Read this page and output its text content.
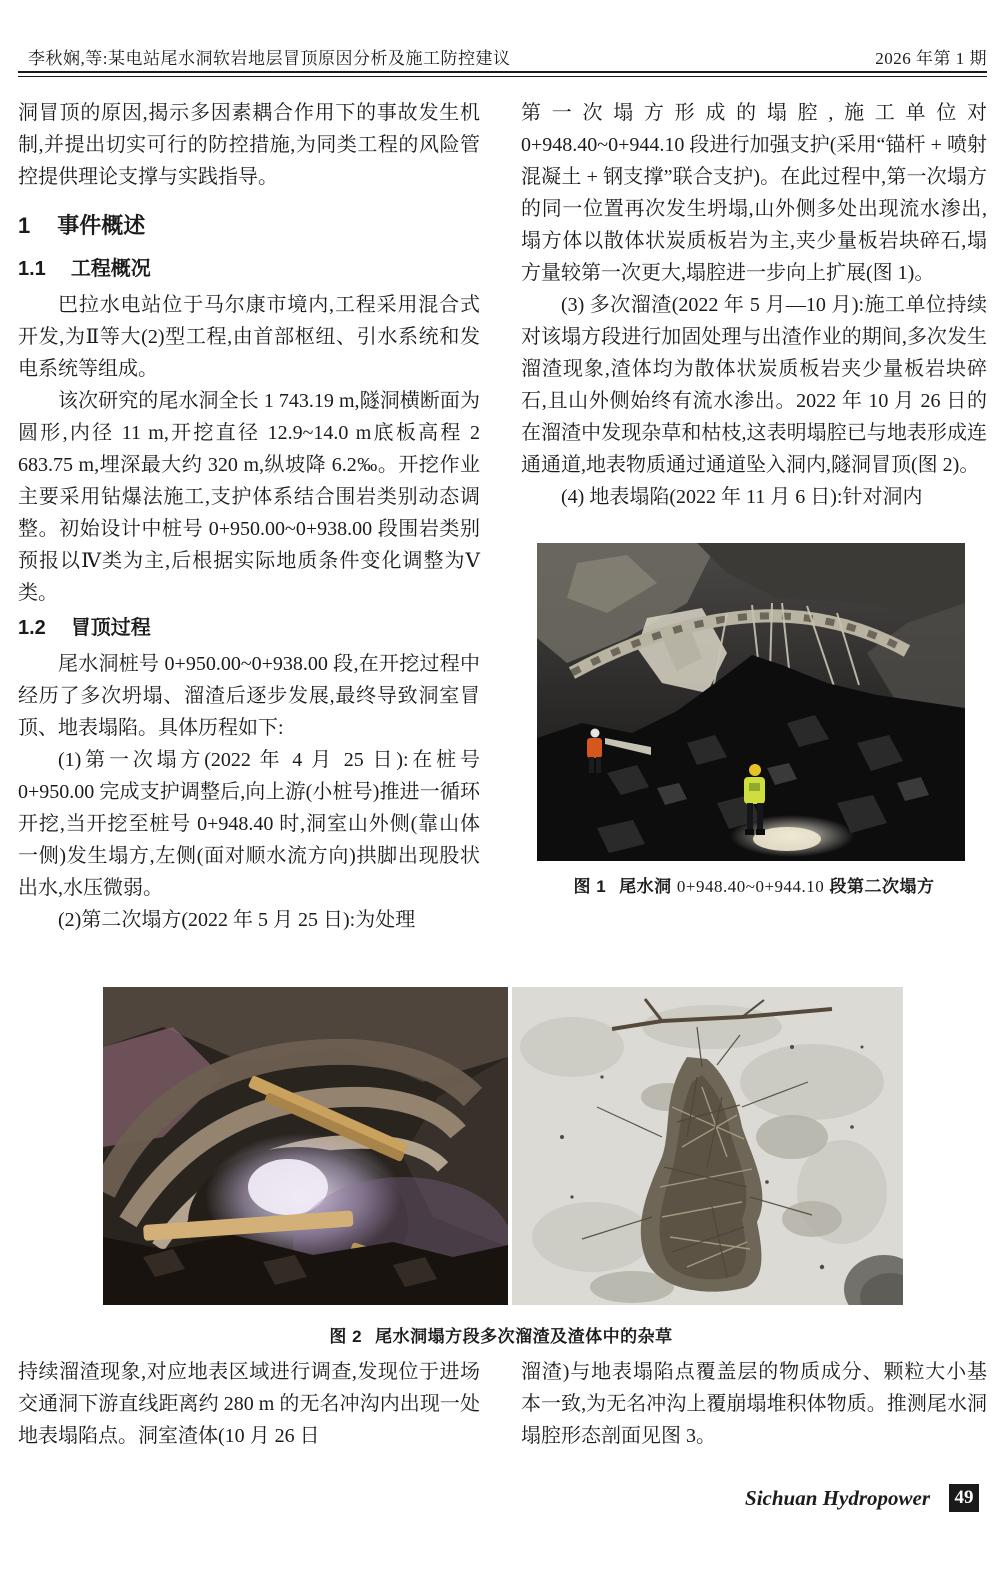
李秋娴,等:某电站尾水洞软岩地层冒顶原因分析及施工防控建议	2026 年第 1 期

洞冒顶的原因,揭示多因素耦合作用下的事故发生机制,并提出切实可行的防控措施,为同类工程的风险管控提供理论支撑与实践指导。

1 事件概述
1.1 工程概况

巴拉水电站位于马尔康市境内,工程采用混合式开发,为Ⅱ等大(2)型工程,由首部枢纽、引水系统和发电系统等组成。

该次研究的尾水洞全长 1 743.19 m,隧洞横断面为圆形,内径 11 m,开挖直径 12.9~14.0 m底板高程 2 683.75 m,埋深最大约 320 m,纵坡降 6.2‰。开挖作业主要采用钻爆法施工,支护体系结合围岩类别动态调整。初始设计中桩号 0+950.00~0+938.00 段围岩类别预报以Ⅳ类为主,后根据实际地质条件变化调整为Ⅴ类。

1.2 冒顶过程

尾水洞桩号 0+950.00~0+938.00 段,在开挖过程中经历了多次坍塌、溜渣后逐步发展,最终导致洞室冒顶、地表塌陷。具体历程如下:

(1)第一次塌方(2022 年 4 月 25 日):在桩号 0+950.00 完成支护调整后,向上游(小桩号)推进一循环开挖,当开挖至桩号 0+948.40 时,洞室山外侧(靠山体一侧)发生塌方,左侧(面对顺水流方向)拱脚出现股状出水,水压微弱。

(2)第二次塌方(2022 年 5 月 25 日):为处理

第一次塌方形成的塌腔,施工单位对 0+948.40~0+944.10 段进行加强支护(采用“锚杆 + 喷射混凝土 + 钢支撑”联合支护)。在此过程中,第一次塌方的同一位置再次发生坍塌,山外侧多处出现流水渗出,塌方体以散体状炭质板岩为主,夹少量板岩块碎石,塌方量较第一次更大,塌腔进一步向上扩展(图 1)。

(3) 多次溜渣(2022 年 5 月—10 月):施工单位持续对该塌方段进行加固处理与出渣作业的期间,多次发生溜渣现象,渣体均为散体状炭质板岩夹少量板岩块碎石,且山外侧始终有流水渗出。2022 年 10 月 26 日的在溜渣中发现杂草和枯枝,这表明塌腔已与地表形成连通通道,地表物质通过通道坠入洞内,隧洞冒顶(图 2)。

(4) 地表塌陷(2022 年 11 月 6 日):针对洞内

图 1 尾水洞 0+948.40~0+944.10 段第二次塌方
图 2 尾水洞塌方段多次溜渣及渣体中的杂草

持续溜渣现象,对应地表区域进行调查,发现位于进场交通洞下游直线距离约 280 m 的无名冲沟内出现一处地表塌陷点。洞室渣体(10 月 26 日

溜渣)与地表塌陷点覆盖层的物质成分、颗粒大小基本一致,为无名冲沟上覆崩塌堆积体物质。推测尾水洞塌腔形态剖面见图 3。

Sichuan Hydropower 49
